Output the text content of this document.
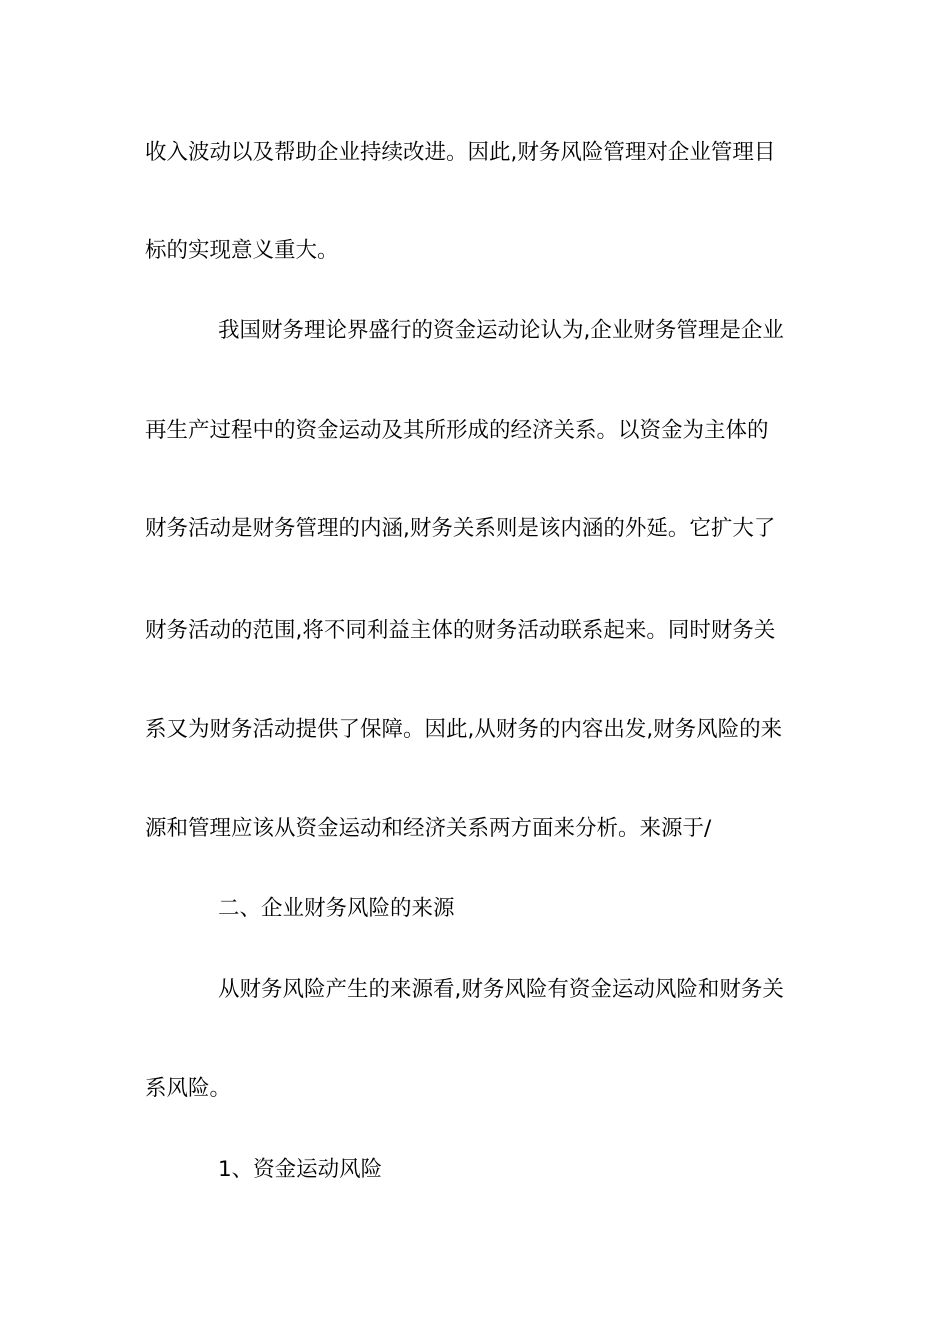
收入波动以及帮助企业持续改进。因此,财务风险管理对企业管理目
标的实现意义重大。
我国财务理论界盛行的资金运动论认为,企业财务管理是企业
再生产过程中的资金运动及其所形成的经济关系。以资金为主体的
财务活动是财务管理的内涵,财务关系则是该内涵的外延。它扩大了
财务活动的范围,将不同利益主体的财务活动联系起来。同时财务关
系又为财务活动提供了保障。因此,从财务的内容出发,财务风险的来
源和管理应该从资金运动和经济关系两方面来分析。来源于/
二、企业财务风险的来源
从财务风险产生的来源看,财务风险有资金运动风险和财务关
系风险。
1、资金运动风险
